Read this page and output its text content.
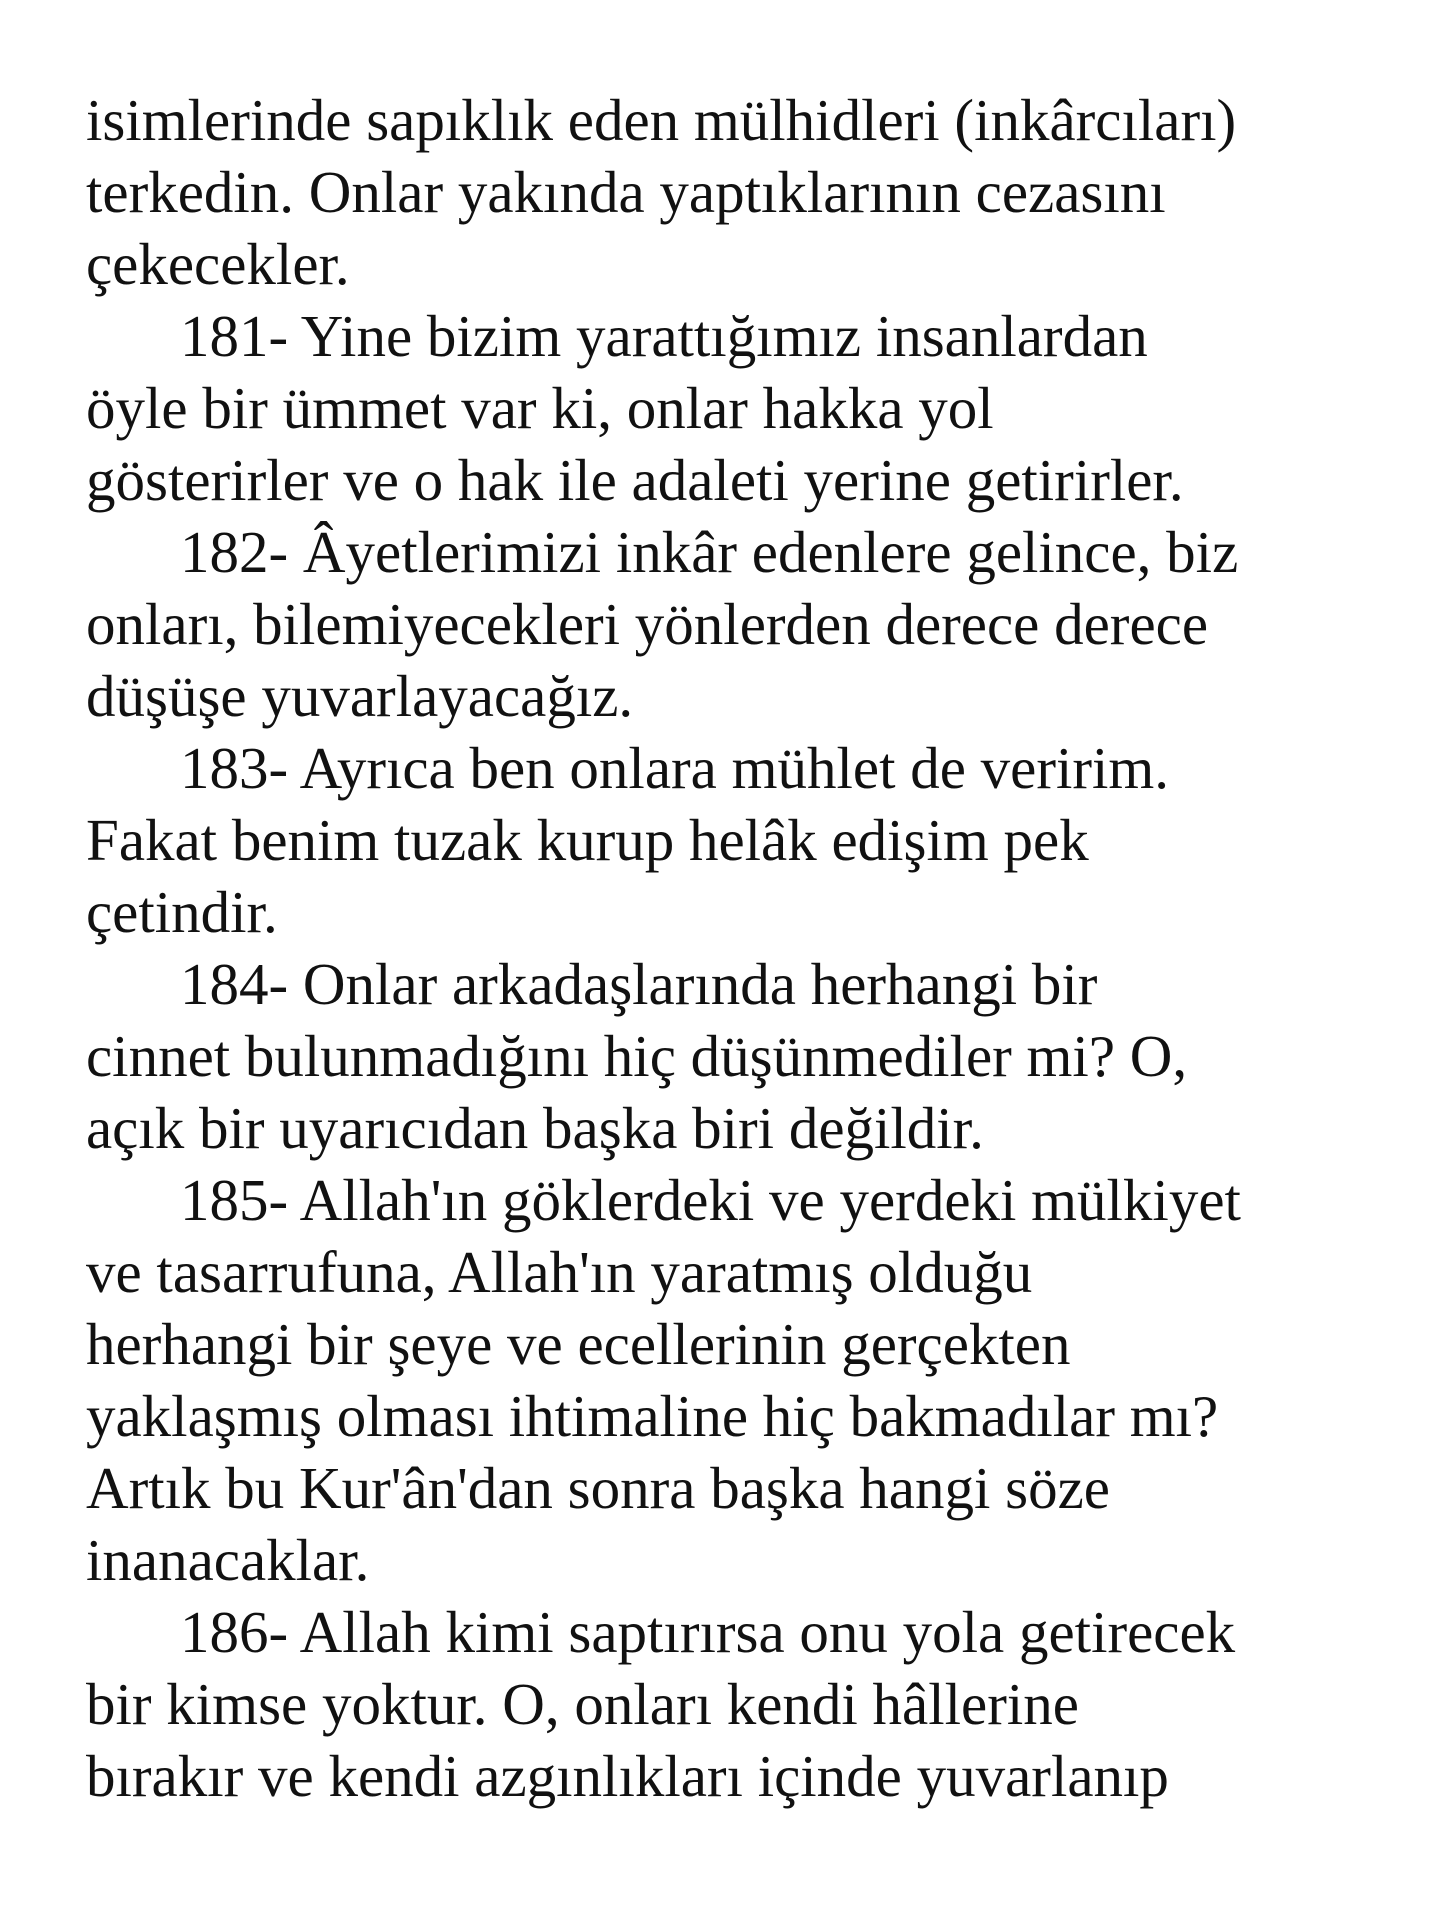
isimlerinde sapıklık eden mülhidleri (inkârcıları)
terkedin. Onlar yakında yaptıklarının cezasını
çekecekler.
181- Yine bizim yarattığımız insanlardan
öyle bir ümmet var ki, onlar hakka yol
gösterirler ve o hak ile adaleti yerine getirirler.
182- Âyetlerimizi inkâr edenlere gelince, biz
onları, bilemiyecekleri yönlerden derece derece
düşüşe yuvarlayacağız.
183- Ayrıca ben onlara mühlet de veririm.
Fakat benim tuzak kurup helâk edişim pek
çetindir.
184- Onlar arkadaşlarında herhangi bir
cinnet bulunmadığını hiç düşünmediler mi? O,
açık bir uyarıcıdan başka biri değildir.
185- Allah'ın göklerdeki ve yerdeki mülkiyet
ve tasarrufuna, Allah'ın yaratmış olduğu
herhangi bir şeye ve ecellerinin gerçekten
yaklaşmış olması ihtimaline hiç bakmadılar mı?
Artık bu Kur'ân'dan sonra başka hangi söze
inanacaklar.
186- Allah kimi saptırırsa onu yola getirecek
bir kimse yoktur. O, onları kendi hâllerine
bırakır ve kendi azgınlıkları içinde yuvarlanıp
